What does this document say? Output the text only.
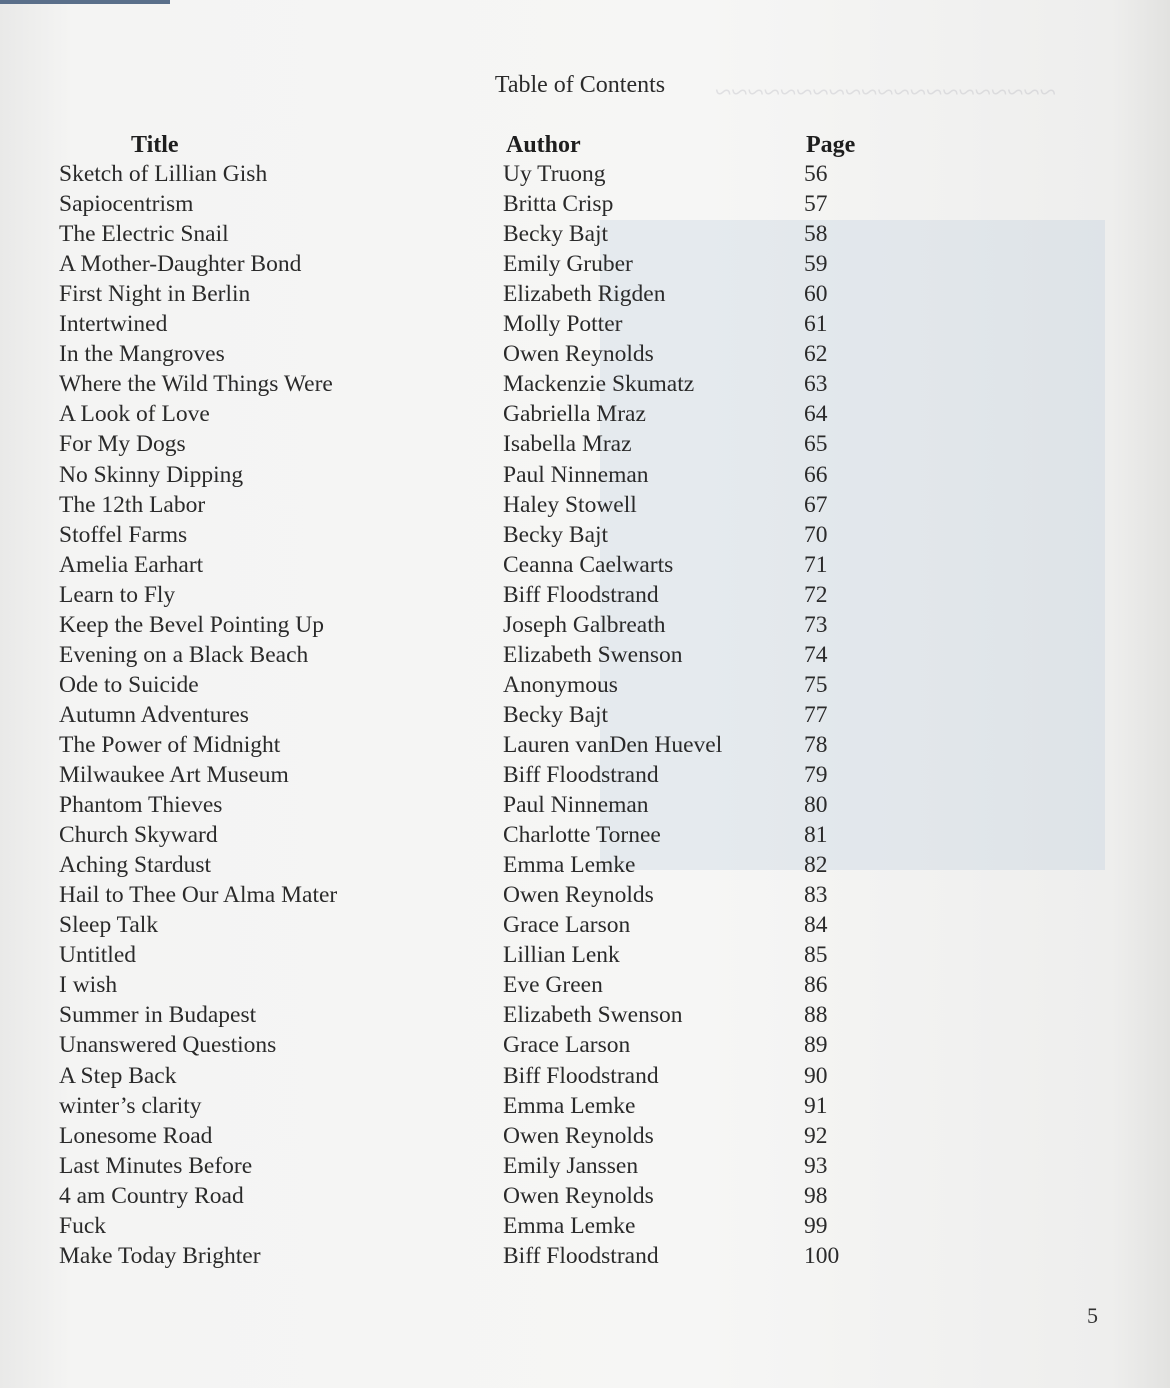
~~~~~~~~~~~~~~~~~~~~~
Table of Contents
Title	Author	Page
Sketch of Lillian Gish	Uy Truong	56
Sapiocentrism	Britta Crisp	57
The Electric Snail	Becky Bajt	58
A Mother-Daughter Bond	Emily Gruber	59
First Night in Berlin	Elizabeth Rigden	60
Intertwined	Molly Potter	61
In the Mangroves	Owen Reynolds	62
Where the Wild Things Were	Mackenzie Skumatz	63
A Look of Love	Gabriella Mraz	64
For My Dogs	Isabella Mraz	65
No Skinny Dipping	Paul Ninneman	66
The 12th Labor	Haley Stowell	67
Stoffel Farms	Becky Bajt	70
Amelia Earhart	Ceanna Caelwarts	71
Learn to Fly	Biff Floodstrand	72
Keep the Bevel Pointing Up	Joseph Galbreath	73
Evening on a Black Beach	Elizabeth Swenson	74
Ode to Suicide	Anonymous	75
Autumn Adventures	Becky Bajt	77
The Power of Midnight	Lauren vanDen Huevel	78
Milwaukee Art Museum	Biff Floodstrand	79
Phantom Thieves	Paul Ninneman	80
Church Skyward	Charlotte Tornee	81
Aching Stardust	Emma Lemke	82
Hail to Thee Our Alma Mater	Owen Reynolds	83
Sleep Talk	Grace Larson	84
Untitled	Lillian Lenk	85
I wish	Eve Green	86
Summer in Budapest	Elizabeth Swenson	88
Unanswered Questions	Grace Larson	89
A Step Back	Biff Floodstrand	90
winter’s clarity	Emma Lemke	91
Lonesome Road	Owen Reynolds	92
Last Minutes Before	Emily Janssen	93
4 am Country Road	Owen Reynolds	98
Fuck	Emma Lemke	99
Make Today Brighter	Biff Floodstrand	100
5
